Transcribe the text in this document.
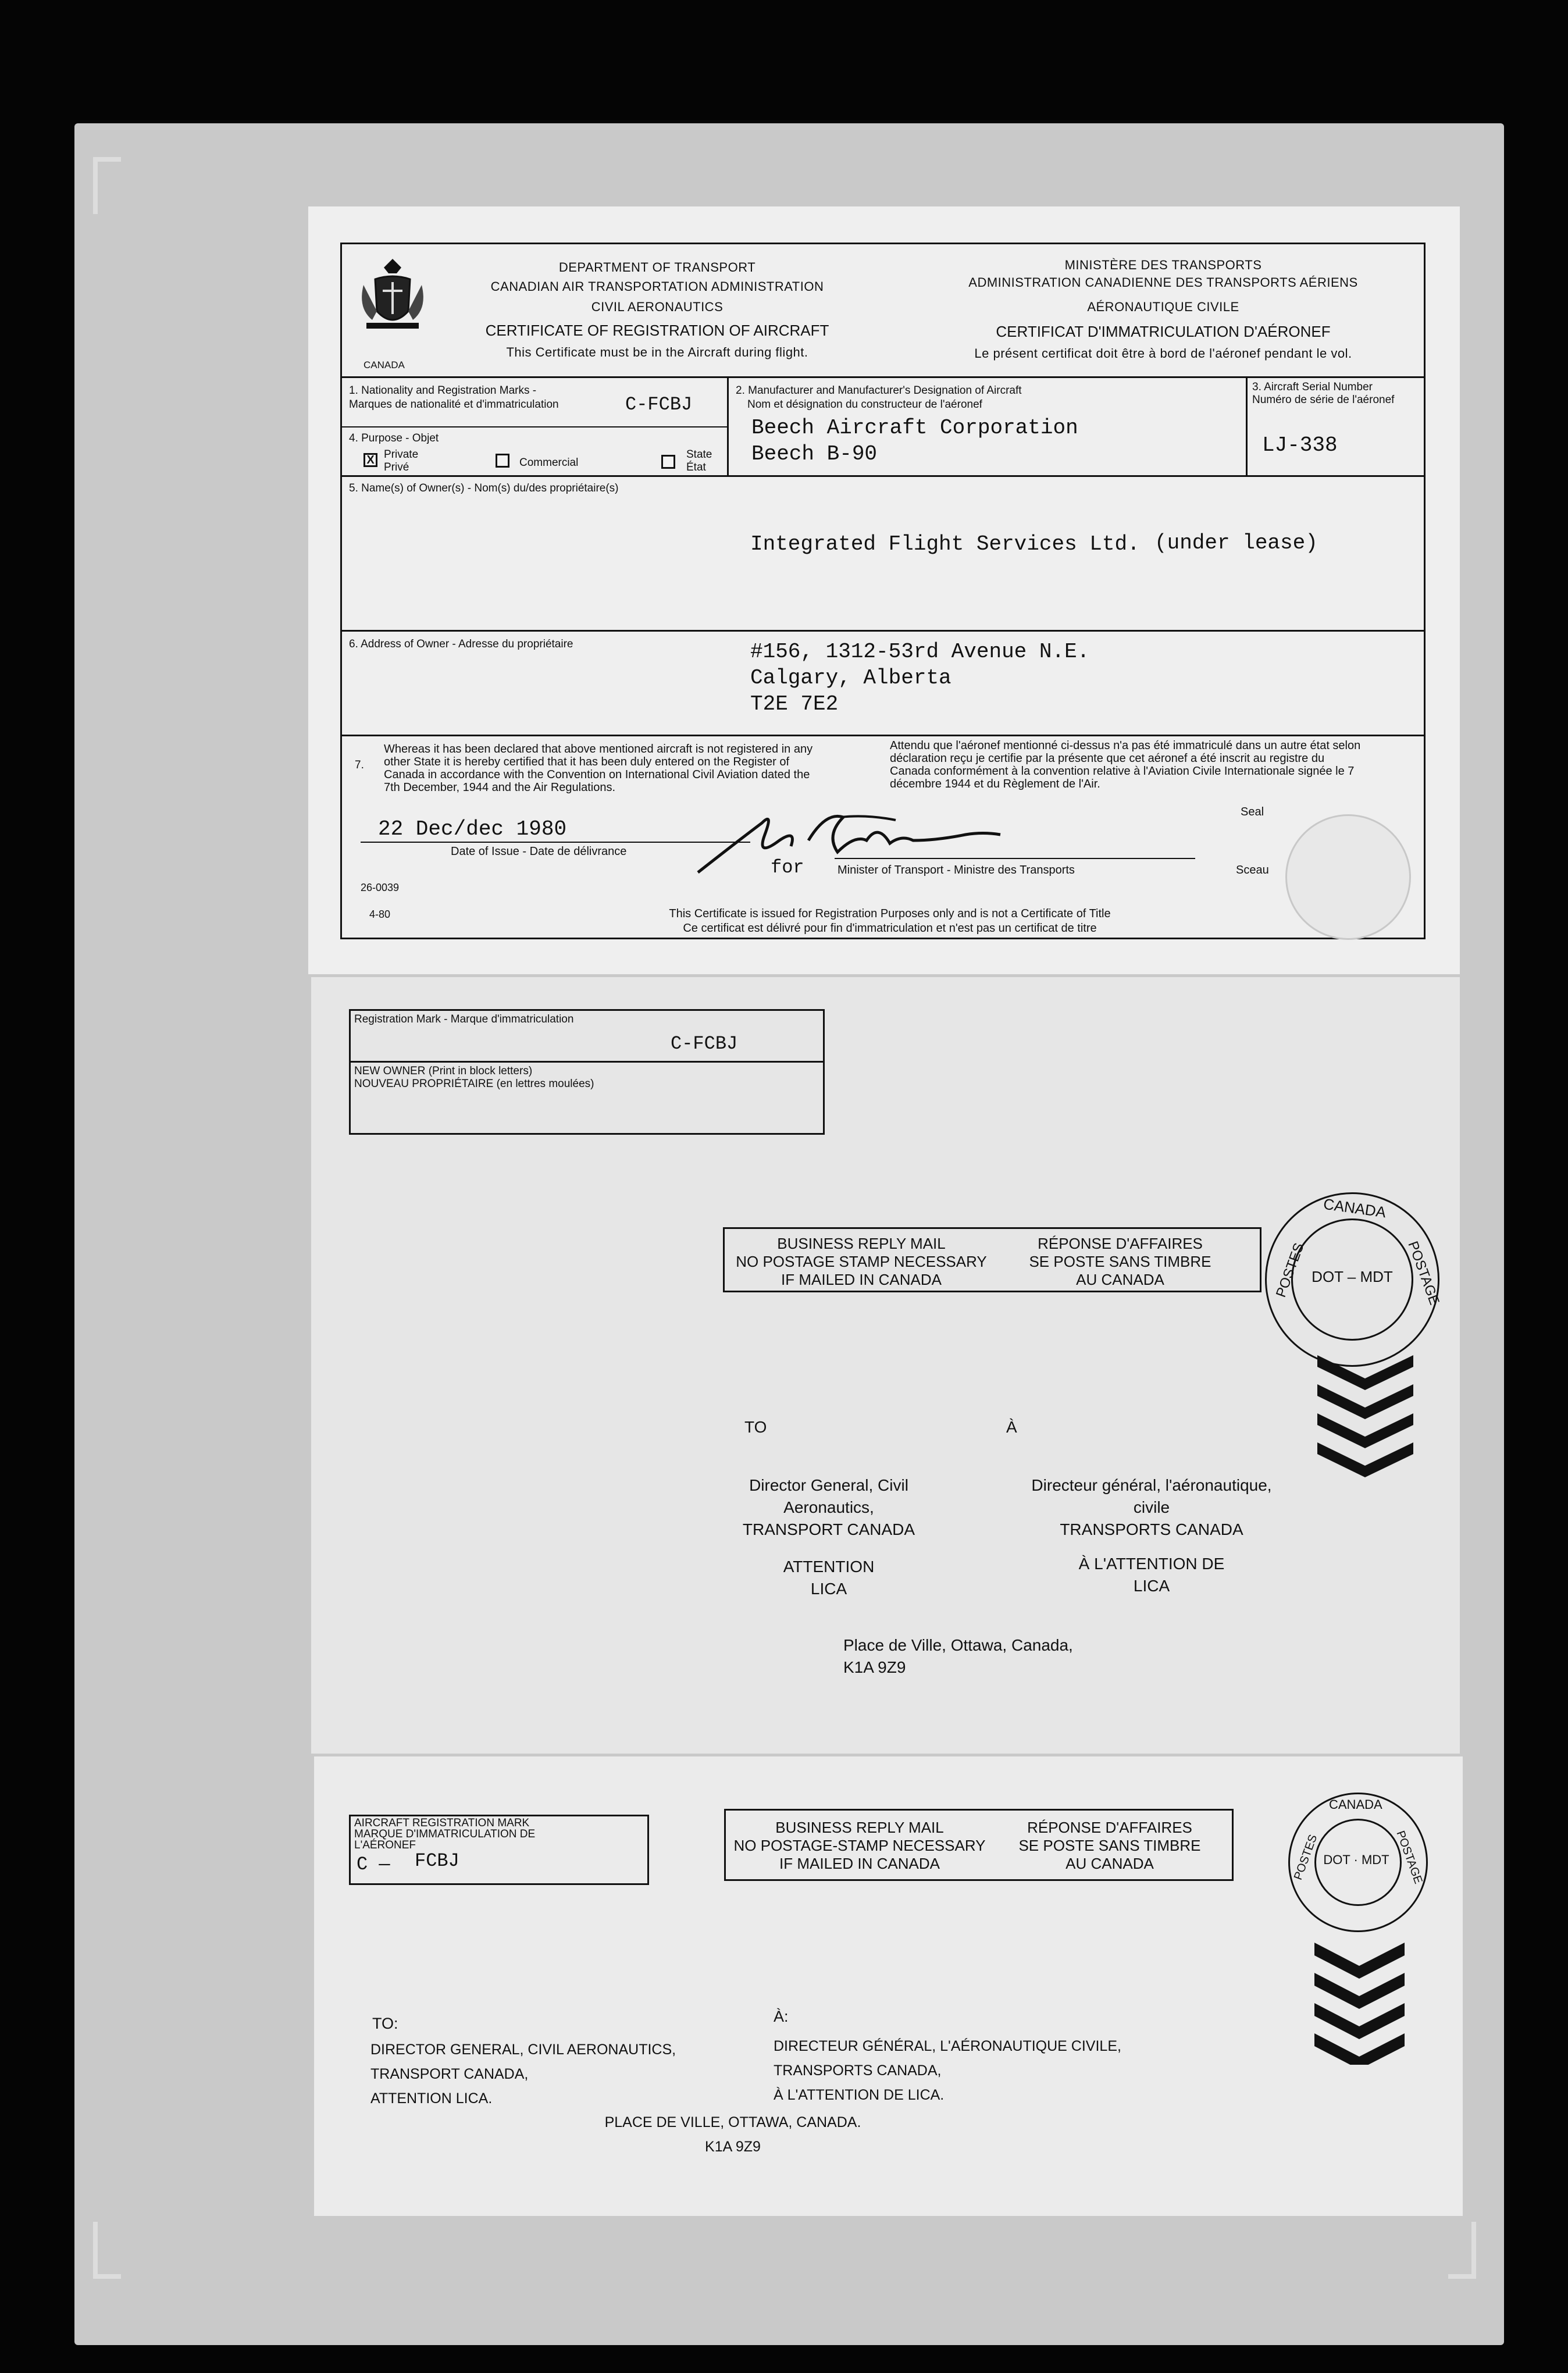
CANADA
DEPARTMENT OF TRANSPORT
CANADIAN AIR TRANSPORTATION ADMINISTRATION
CIVIL AERONAUTICS
CERTIFICATE OF REGISTRATION OF AIRCRAFT
This Certificate must be in the Aircraft during flight.
MINISTÈRE DES TRANSPORTS
ADMINISTRATION CANADIENNE DES TRANSPORTS AÉRIENS
AÉRONAUTIQUE CIVILE
CERTIFICAT D'IMMATRICULATION D'AÉRONEF
Le présent certificat doit être à bord de l'aéronef pendant le vol.
1. Nationality and Registration Marks -
Marques de nationalité et d'immatriculation	C-FCBJ
4. Purpose - Objet
X Private
Privé	Commercial
State
État
2. Manufacturer and Manufacturer's Designation of Aircraft
Nom et désignation du constructeur de l'aéronef
Beech Aircraft Corporation
Beech B-90
3. Aircraft Serial Number
Numéro de série de l'aéronef
LJ-338
5. Name(s) of Owner(s) - Nom(s) du/des propriétaire(s)
Integrated Flight Services Ltd. (under lease)
6. Address of Owner - Adresse du propriétaire	#156, 1312-53rd Avenue N.E.
Calgary, Alberta
T2E 7E2
7.
Whereas it has been declared that above mentioned aircraft is not registered in any
other State it is hereby certified that it has been duly entered on the Register of
Canada in accordance with the Convention on International Civil Aviation dated the
7th December, 1944 and the Air Regulations.
Attendu que l'aéronef mentionné ci-dessus n'a pas été immatriculé dans un autre état selon
déclaration reçu je certifie par la présente que cet aéronef a été inscrit au registre du
Canada conformément à la convention relative à l'Aviation Civile Internationale signée le 7
décembre 1944 et du Règlement de l'Air.
22 Dec/dec 1980
Date of Issue - Date de délivrance
for	Minister of Transport - Ministre des Transports
Seal
Sceau
26-0039
4-80	This Certificate is issued for Registration Purposes only and is not a Certificate of Title
Ce certificat est délivré pour fin d'immatriculation et n'est pas un certificat de titre
Registration Mark - Marque d'immatriculation
C-FCBJ
NEW OWNER (Print in block letters)
NOUVEAU PROPRIÉTAIRE (en lettres moulées)
BUSINESS REPLY MAIL
NO POSTAGE STAMP NECESSARY
IF MAILED IN CANADA
RÉPONSE D'AFFAIRES
SE POSTE SANS TIMBRE
AU CANADA
CANADA
POSTES	POSTAGE
DOT – MDT
TO	À
Director General, Civil
Aeronautics,
TRANSPORT CANADA
ATTENTION
LICA
Directeur général, l'aéronautique,
civile
TRANSPORTS CANADA
À L'ATTENTION DE
LICA
Place de Ville, Ottawa, Canada,
K1A 9Z9
AIRCRAFT REGISTRATION MARK
MARQUE D'IMMATRICULATION DE
L'AÉRONEF
C — FCBJ
BUSINESS REPLY MAIL
NO POSTAGE-STAMP NECESSARY
IF MAILED IN CANADA
RÉPONSE D'AFFAIRES
SE POSTE SANS TIMBRE
AU CANADA
CANADA
POSTES	POSTAGE
DOT · MDT
TO:	À:
DIRECTOR GENERAL, CIVIL AERONAUTICS,
TRANSPORT CANADA,
ATTENTION LICA.
DIRECTEUR GÉNÉRAL, L'AÉRONAUTIQUE CIVILE,
TRANSPORTS CANADA,
À L'ATTENTION DE LICA.
PLACE DE VILLE, OTTAWA, CANADA.
K1A 9Z9
